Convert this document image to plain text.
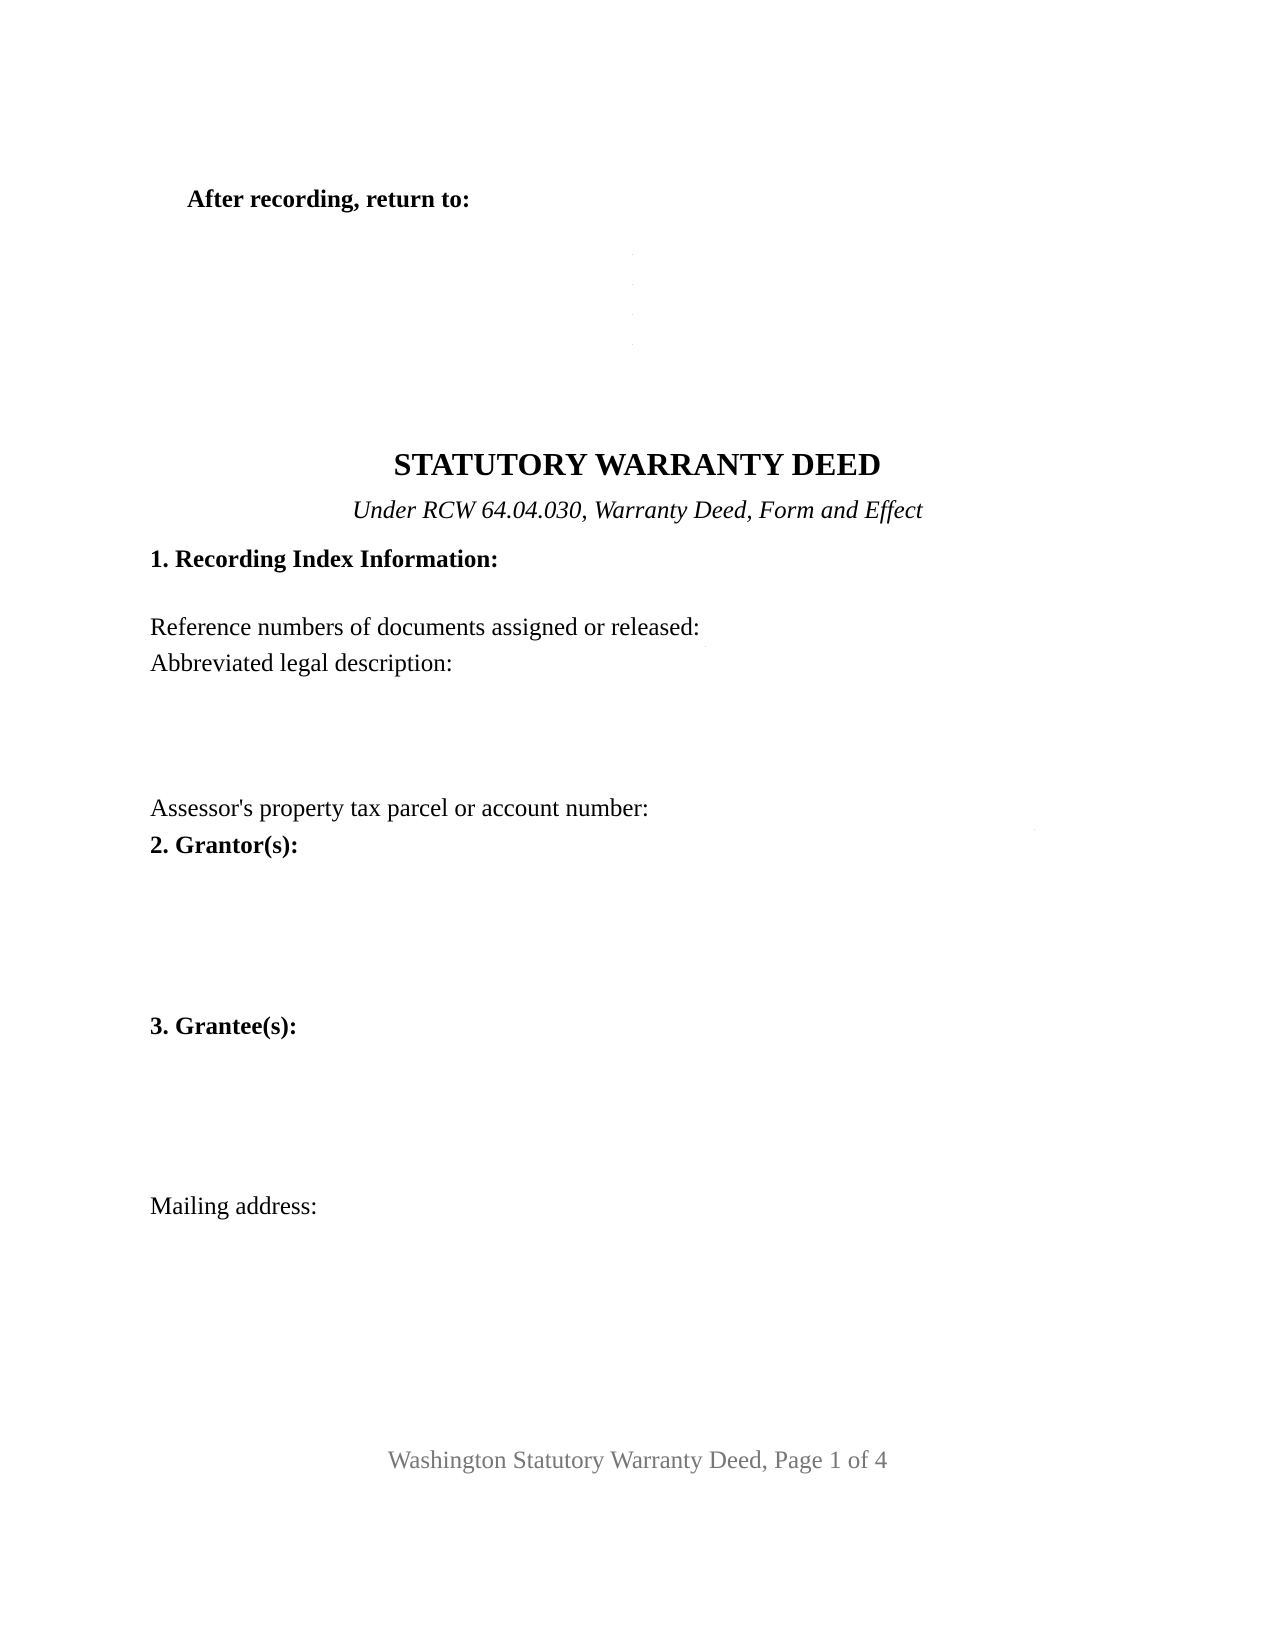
After recording, return to:

STATUTORY WARRANTY DEED

Under RCW 64.04.030, Warranty Deed, Form and Effect

1. Recording Index Information:

Reference numbers of documents assigned or released:

Abbreviated legal description:

Assessor's property tax parcel or account number:

2. Grantor(s):
3. Grantee(s):

Mailing address:

Washington Statutory Warranty Deed, Page 1 of 4
